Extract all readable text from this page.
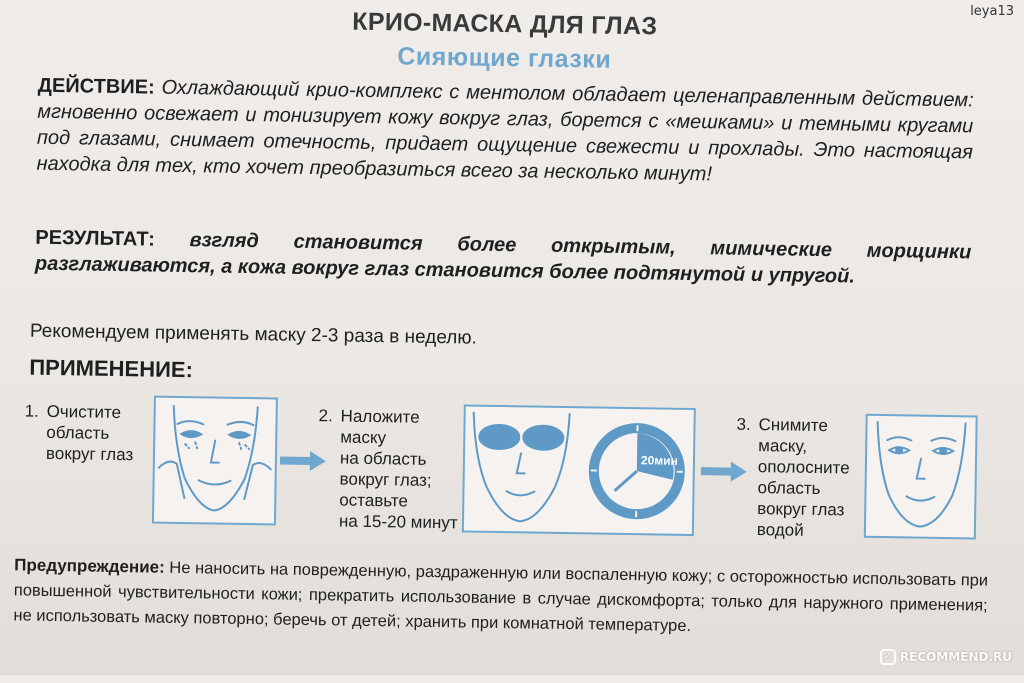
leya13
КРИО-МАСКА ДЛЯ ГЛАЗ
Сияющие глазки
ДЕЙСТВИЕ: Охлаждающий крио-комплекс с ментолом обладает целенаправленным действием: мгновенно освежает и тонизирует кожу вокруг глаз, борется с «мешками» и темными кругами под глазами, снимает отечность, придает ощущение свежести и прохлады. Это настоящая находка для тех, кто хочет преобразиться всего за несколько минут!
РЕЗУЛЬТАТ: взгляд становится более открытым, мимические морщинки разглаживаются, а кожа вокруг глаз становится более подтянутой и упругой.
Рекомендуем применять маску 2-3 раза в неделю.
ПРИМЕНЕНИЕ:
1. Очистите
область
вокруг глаз
2. Наложите
маску
на область
вокруг глаз;
оставьте
на 15-20 минут
20мин
3. Снимите
маску,
ополосните
область
вокруг глаз
водой
Предупреждение: Не наносить на поврежденную, раздраженную или воспаленную кожу; с осторожностью использовать при повышенной чувствительности кожи; прекратить использование в случае дискомфорта; только для наружного применения; не использовать маску повторно; беречь от детей; хранить при комнатной температуре.
✓ RECOMMEND.RU
